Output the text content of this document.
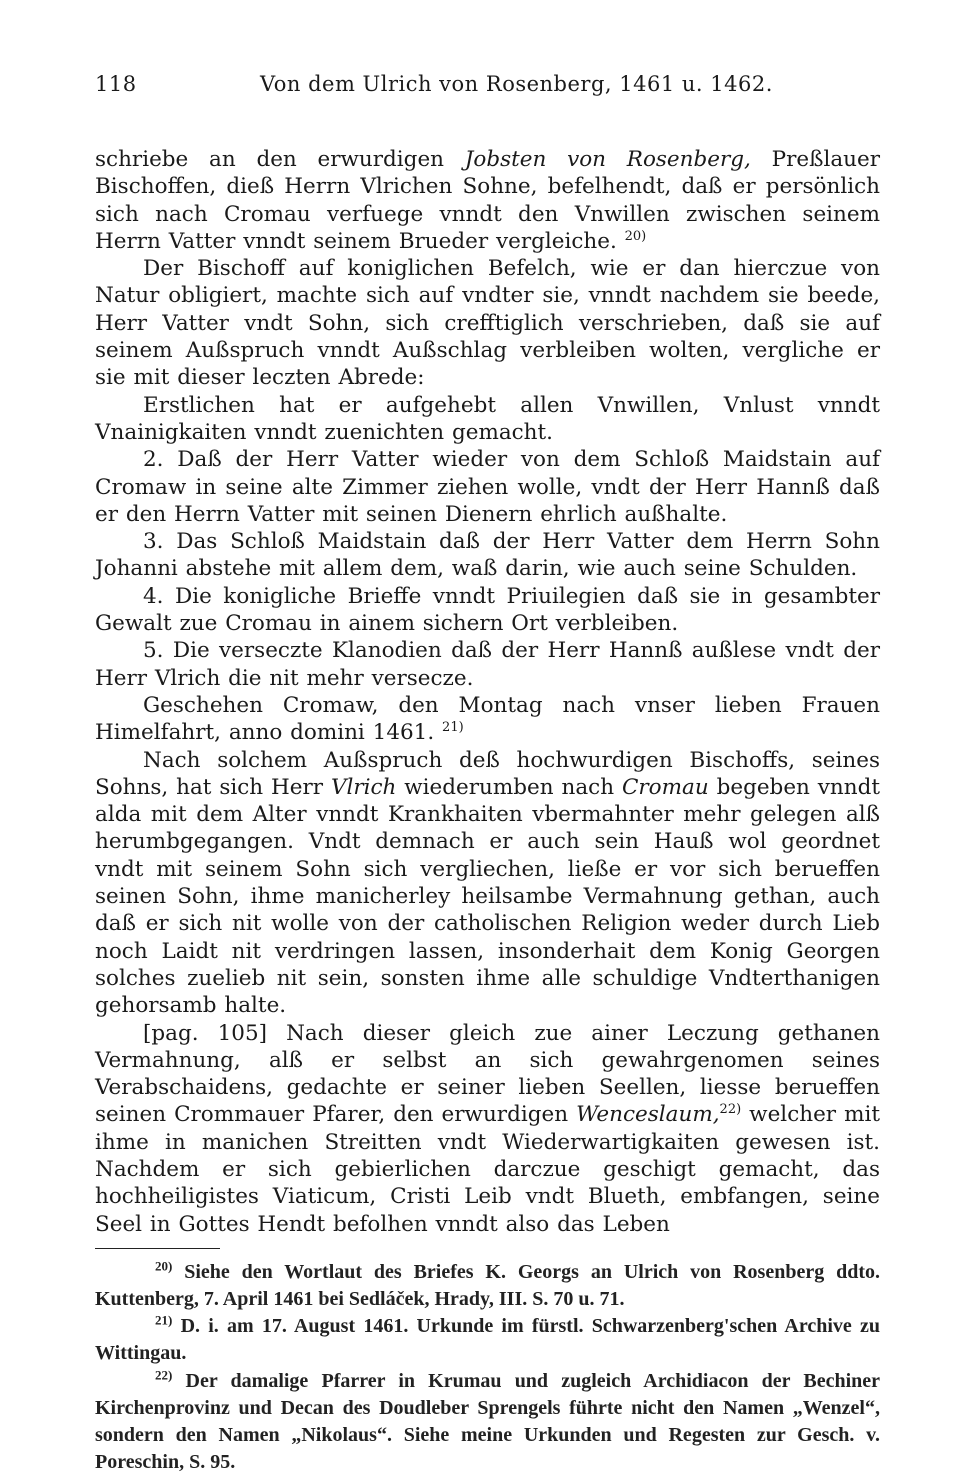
118	Von dem Ulrich von Rosenberg, 1461 u. 1462.

schriebe an den erwurdigen Jobsten von Rosenberg, Preßlauer Bischoffen, dieß Herrn Vlrichen Sohne, befelhendt, daß er persönlich sich nach Cromau verfuege vnndt den Vnwillen zwischen seinem Herrn Vatter vnndt seinem Brueder vergleiche. $^{20)}$

Der Bischoff auf koniglichen Befelch, wie er dan hierczue von Natur obligiert, machte sich auf vndter sie, vnndt nachdem sie beede, Herr Vatter vndt Sohn, sich crefftiglich verschrieben, daß sie auf seinem Außspruch vnndt Außschlag verbleiben wolten, vergliche er sie mit dieser leczten Abrede:

Erstlichen hat er aufgehebt allen Vnwillen, Vnlust vnndt Vnainigkaiten vnndt zuenichten gemacht.

2. Daß der Herr Vatter wieder von dem Schloß Maidstain auf Cromaw in seine alte Zimmer ziehen wolle, vndt der Herr Hannß daß er den Herrn Vatter mit seinen Dienern ehrlich außhalte.

3. Das Schloß Maidstain daß der Herr Vatter dem Herrn Sohn Johanni abstehe mit allem dem, waß darin, wie auch seine Schulden.

4. Die konigliche Brieffe vnndt Priuilegien daß sie in gesambter Gewalt zue Cromau in ainem sichern Ort verbleiben.

5. Die verseczte Klanodien daß der Herr Hannß außlese vndt der Herr Vlrich die nit mehr versecze.

Geschehen Cromaw, den Montag nach vnser lieben Frauen Himelfahrt, anno domini 1461. $^{21)}$

Nach solchem Außspruch deß hochwurdigen Bischoffs, seines Sohns, hat sich Herr Vlrich wiederumben nach Cromau begeben vnndt alda mit dem Alter vnndt Krankhaiten vbermahnter mehr gelegen alß herumbgegangen. Vndt demnach er auch sein Hauß wol geordnet vndt mit seinem Sohn sich vergliechen, ließe er vor sich berueffen seinen Sohn, ihme manicherley heilsambe Vermahnung gethan, auch daß er sich nit wolle von der catholischen Religion weder durch Lieb noch Laidt nit verdringen lassen, insonderhait dem Konig Georgen solches zuelieb nit sein, sonsten ihme alle schuldige Vndterthanigen gehorsamb halte.

[pag. 105] Nach dieser gleich zue ainer Leczung gethanen Vermahnung, alß er selbst an sich gewahrgenomen seines Verabschaidens, gedachte er seiner lieben Seellen, liesse berueffen seinen Crommauer Pfarer, den erwurdigen Wenceslaum,$^{22)}$ welcher mit ihme in manichen Streitten vndt Wiederwartigkaiten gewesen ist. Nachdem er sich gebierlichen darczue geschigt gemacht, das hochheiligistes Viaticum, Cristi Leib vndt Blueth, embfangen, seine Seel in Gottes Hendt befolhen vnndt also das Leben

$^{20)}$ Siehe den Wortlaut des Briefes K. Georgs an Ulrich von Rosenberg ddto. Kuttenberg, 7. April 1461 bei Sedláček, Hrady, III. S. 70 u. 71.

$^{21)}$ D. i. am 17. August 1461. Urkunde im fürstl. Schwarzenberg'schen Archive zu Wittingau.

$^{22)}$ Der damalige Pfarrer in Krumau und zugleich Archidiacon der Bechiner Kirchenprovinz und Decan des Doudleber Sprengels führte nicht den Namen „Wenzel“, sondern den Namen „Nikolaus“. Siehe meine Urkunden und Regesten zur Gesch. v. Poreschin, S. 95.
